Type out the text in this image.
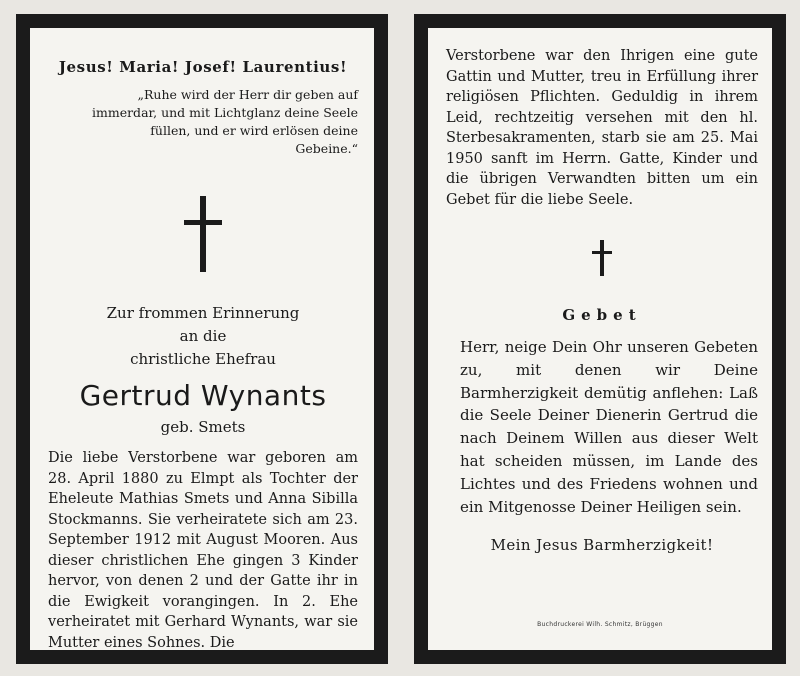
Jesus! Maria! Josef! Laurentius!

„Ruhe wird der Herr dir geben auf immerdar, und mit Lichtglanz deine Seele füllen, und er wird erlösen deine Gebeine.“

Zur frommen Erinnerung
an die
christliche Ehefrau
Gertrud Wynants
geb. Smets

Die liebe Verstorbene war geboren am 28. April 1880 zu Elmpt als Tochter der Eheleute Mathias Smets und Anna Sibilla Stockmanns. Sie verheiratete sich am 23. September 1912 mit August Mooren. Aus dieser christlichen Ehe gingen 3 Kinder hervor, von denen 2 und der Gatte ihr in die Ewigkeit vorangingen. In 2. Ehe verheiratet mit Gerhard Wynants, war sie Mutter eines Sohnes. Die

Verstorbene war den Ihrigen eine gute Gattin und Mutter, treu in Erfüllung ihrer religiösen Pflichten. Geduldig in ihrem Leid, rechtzeitig versehen mit den hl. Sterbesakramenten, starb sie am 25. Mai 1950 sanft im Herrn. Gatte, Kinder und die übrigen Verwandten bitten um ein Gebet für die liebe Seele.

Gebet

Herr, neige Dein Ohr unseren Gebeten zu, mit denen wir Deine Barmherzigkeit demütig anflehen: Laß die Seele Deiner Dienerin Gertrud die nach Deinem Willen aus dieser Welt hat scheiden müssen, im Lande des Lichtes und des Friedens wohnen und ein Mitgenosse Deiner Heiligen sein.

Mein Jesus Barmherzigkeit!
Buchdruckerei Wilh. Schmitz, Brüggen
